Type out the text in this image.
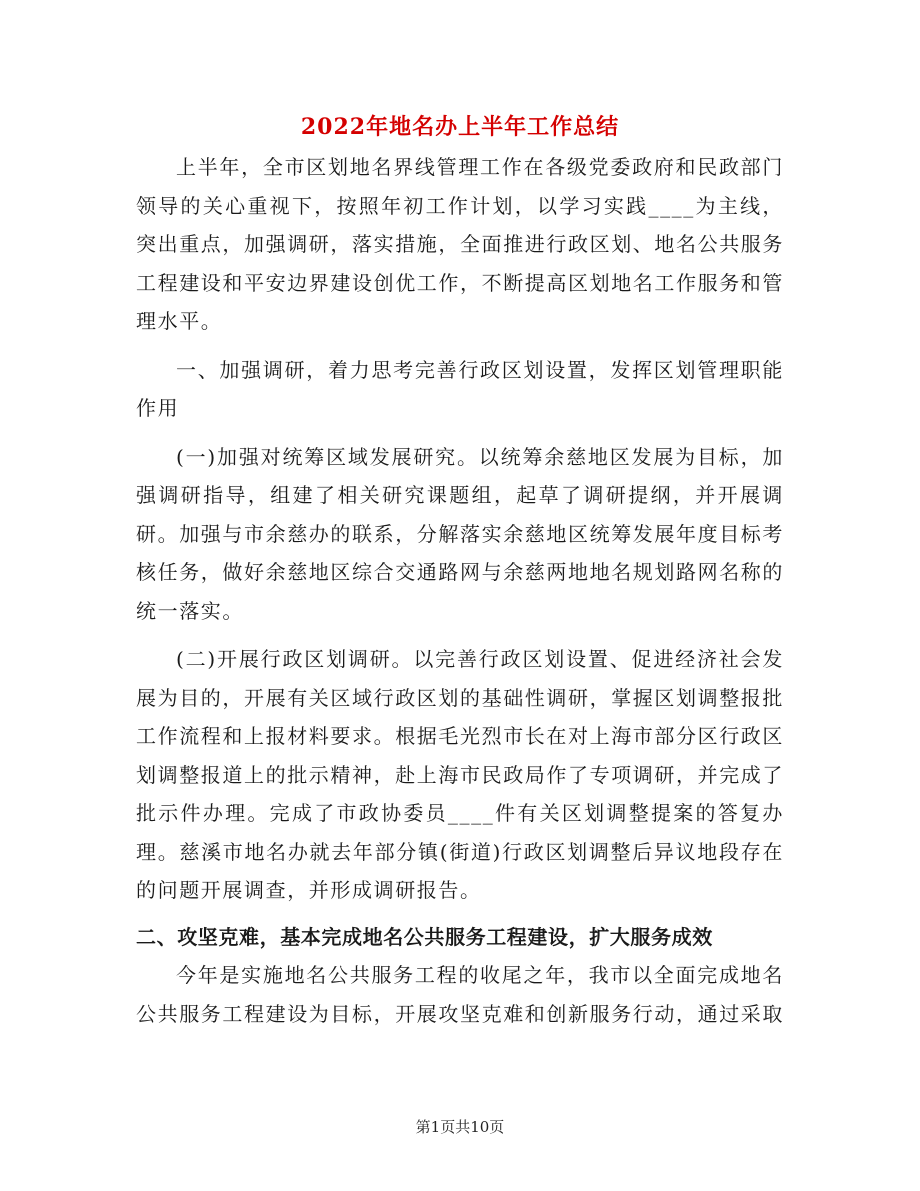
2022年地名办上半年工作总结

上半年，全市区划地名界线管理工作在各级党委政府和民政部门领导的关心重视下，按照年初工作计划，以学习实践____为主线，突出重点，加强调研，落实措施，全面推进行政区划、地名公共服务工程建设和平安边界建设创优工作，不断提高区划地名工作服务和管理水平。

一、加强调研，着力思考完善行政区划设置，发挥区划管理职能作用

(一)加强对统筹区域发展研究。以统筹余慈地区发展为目标，加强调研指导，组建了相关研究课题组，起草了调研提纲，并开展调研。加强与市余慈办的联系，分解落实余慈地区统筹发展年度目标考核任务，做好余慈地区综合交通路网与余慈两地地名规划路网名称的统一落实。

(二)开展行政区划调研。以完善行政区划设置、促进经济社会发展为目的，开展有关区域行政区划的基础性调研，掌握区划调整报批工作流程和上报材料要求。根据毛光烈市长在对上海市部分区行政区划调整报道上的批示精神，赴上海市民政局作了专项调研，并完成了批示件办理。完成了市政协委员____件有关区划调整提案的答复办理。慈溪市地名办就去年部分镇(街道)行政区划调整后异议地段存在的问题开展调查，并形成调研报告。

二、攻坚克难，基本完成地名公共服务工程建设，扩大服务成效

今年是实施地名公共服务工程的收尾之年，我市以全面完成地名公共服务工程建设为目标，开展攻坚克难和创新服务行动，通过采取

第1页共10页
